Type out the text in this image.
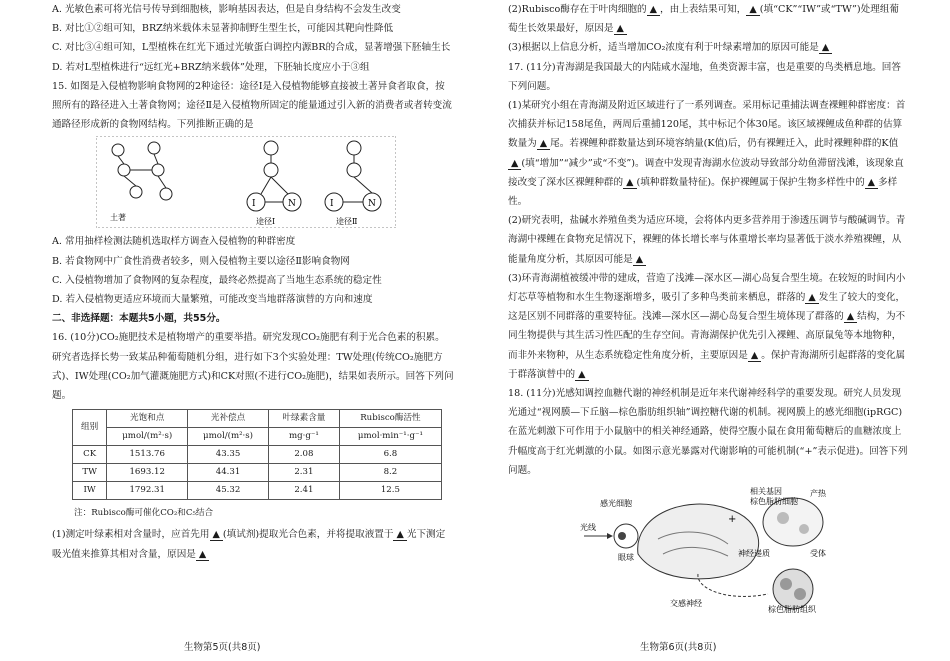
A. 光敏色素可将光信号传导到细胞核，影响基因表达，但是自身结构不会发生改变

B. 对比①②组可知，BRZ纳米载体未显著抑制野生型生长，可能因其靶向性降低

C. 对比③④组可知，L型植株在红光下通过光敏蛋白调控内源BR的合成，显著增强下胚轴生长

D. 若对L型植株进行“远红光+BRZ纳米载体”处理，下胚轴长度应小于③组

15. 如图是入侵植物影响食物网的2种途径：途径Ⅰ是入侵植物能够直接被土著异食者取食，按照所有的路径进入土著食物网；途径Ⅱ是入侵植物所固定的能量通过引入新的消费者或者转变流通路径形成新的食物网结构。下列推断正确的是

I	N
途径Ⅰ
I	N
途径Ⅱ
土著

A. 常用抽样检测法随机选取样方调查入侵植物的种群密度

B. 若食物网中广食性消费者较多，则入侵植物主要以途径Ⅱ影响食物网

C. 入侵植物增加了食物网的复杂程度，最终必然提高了当地生态系统的稳定性

D. 若入侵植物更适应环境而大量繁殖，可能改变当地群落演替的方向和速度

二、非选择题：本题共5小题，共55分。

16. (10分)CO₂施肥技术是植物增产的重要举措。研究发现CO₂施肥有利于光合色素的积累。研究者选择长势一致某品种葡萄随机分组，进行如下3个实验处理：TW处理(传统CO₂施肥方式)、IW处理(CO₂加气灌溉施肥方式)和CK对照(不进行CO₂施肥)，结果如表所示。回答下列问题。

组别	光饱和点	光补偿点	叶绿素含量	Rubisco酶活性
	μmol/(m²·s)	μmol/(m²·s)	mg·g⁻¹	μmol·min⁻¹·g⁻¹
CK	1513.76	43.35	2.08	6.8
TW	1693.12	44.31	2.31	8.2
IW	1792.31	45.32	2.41	12.5

注：Rubisco酶可催化CO₂和C₅结合

(1)测定叶绿素相对含量时，应首先用 ▲ (填试剂)提取光合色素，并将提取液置于 ▲ 光下测定吸光值来推算其相对含量，原因是 ▲

生物第5页(共8页)

(2)Rubisco酶存在于叶肉细胞的 ▲ ，由上表结果可知， ▲ (填“CK”“IW”或“TW”)处理组葡萄生长效果最好，原因是 ▲

(3)根据以上信息分析，适当增加CO₂浓度有利于叶绿素增加的原因可能是 ▲

17. (11分)青海湖是我国最大的内陆咸水湿地，鱼类资源丰富，也是重要的鸟类栖息地。回答下列问题。

(1)某研究小组在青海湖及附近区域进行了一系列调查。采用标记重捕法调查裸鲤种群密度：首次捕获并标记158尾鱼，两周后重捕120尾，其中标记个体30尾。该区域裸鲤成鱼种群的估算数量为 ▲ 尾。若裸鲤种群数量达到环境容纳量(K值)后，仍有裸鲤迁入，此时裸鲤种群的K值▲ (填“增加”“减少”或“不变”)。调查中发现青海湖水位波动导致部分幼鱼滞留浅滩，该现象直接改变了深水区裸鲤种群的 ▲ (填种群数量特征)。保护裸鲤属于保护生物多样性中的 ▲ 多样性。

(2)研究表明，盐碱水养殖鱼类为适应环境，会将体内更多营养用于渗透压调节与酸碱调节。青海湖中裸鲤在食物充足情况下，裸鲤的体长增长率与体重增长率均显著低于淡水养殖裸鲤，从能量角度分析，其原因可能是 ▲

(3)环青海湖植被缓冲带的建成，营造了浅滩—深水区—湖心岛复合型生境。在较短的时间内小灯芯草等植物和水生生物逐渐增多，吸引了多种鸟类前来栖息，群落的 ▲ 发生了较大的变化，这是区别不同群落的重要特征。浅滩—深水区—湖心岛复合型生境体现了群落的 ▲ 结构，为不同生物提供与其生活习性匹配的生存空间。青海湖保护优先引入裸鲤、高原鼠兔等本地物种，而非外来物种，从生态系统稳定性角度分析，主要原因是 ▲ 。保护青海湖所引起群落的变化属于群落演替中的 ▲

18. (11分)光感知调控血糖代谢的神经机制是近年来代谢神经科学的重要发现。研究人员发现光通过“视网膜—下丘脑—棕色脂肪组织轴”调控糖代谢的机制。视网膜上的感光细胞(ipRGC)在蓝光刺激下可作用于小鼠脑中的相关神经通路，使得空腹小鼠在食用葡萄糖后的血糖浓度上升幅度高于红光刺激的小鼠。如图示意光暴露对代谢影响的可能机制(“+”表示促进)。回答下列问题。

感光细胞
光线
眼球
交感神经
相关基因
棕色脂肪细胞
神经递质	受体
产热
棕色脂肪组织
+
生物第6页(共8页)
